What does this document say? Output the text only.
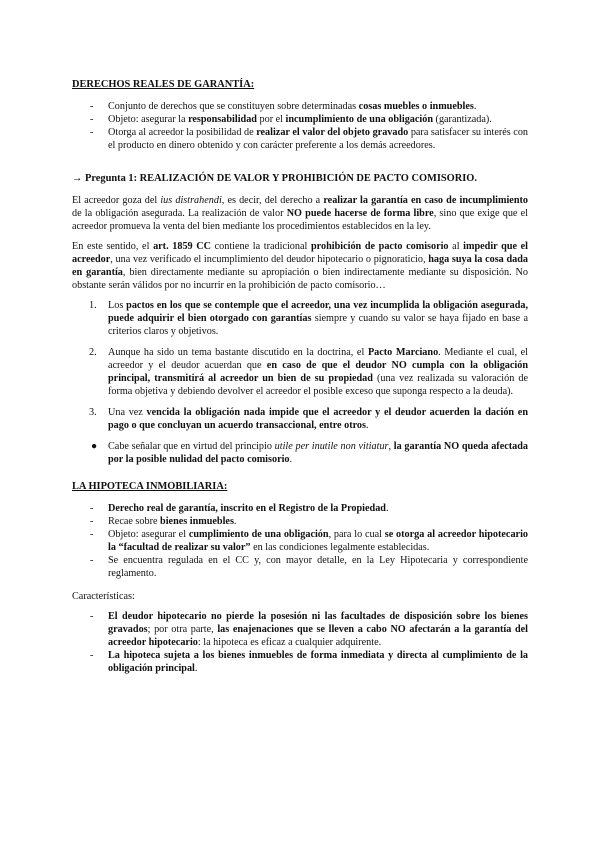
DERECHOS REALES DE GARANTÍA:
- Conjunto de derechos que se constituyen sobre determinadas cosas muebles o inmuebles.
- Objeto: asegurar la responsabilidad por el incumplimiento de una obligación (garantizada).
- Otorga al acreedor la posibilidad de realizar el valor del objeto gravado para satisfacer su interés con el producto en dinero obtenido y con carácter preferente a los demás acreedores.
→ Pregunta 1: REALIZACIÓN DE VALOR Y PROHIBICIÓN DE PACTO COMISORIO.

El acreedor goza del ius distrahendi, es decir, del derecho a realizar la garantía en caso de incumplimiento de la obligación asegurada. La realización de valor NO puede hacerse de forma libre, sino que exige que el acreedor promueva la venta del bien mediante los procedimientos establecidos en la ley.

En este sentido, el art. 1859 CC contiene la tradicional prohibición de pacto comisorio al impedir que el acreedor, una vez verificado el incumplimiento del deudor hipotecario o pignoraticio, haga suya la cosa dada en garantía, bien directamente mediante su apropiación o bien indirectamente mediante su disposición. No obstante serán válidos por no incurrir en la prohibición de pacto comisorio…

1. Los pactos en los que se contemple que el acreedor, una vez incumplida la obligación asegurada, puede adquirir el bien otorgado con garantías siempre y cuando su valor se haya fijado en base a criterios claros y objetivos.
2. Aunque ha sido un tema bastante discutido en la doctrina, el Pacto Marciano. Mediante el cual, el acreedor y el deudor acuerdan que en caso de que el deudor NO cumpla con la obligación principal, transmitirá al acreedor un bien de su propiedad (una vez realizada su valoración de forma objetiva y debiendo devolver el acreedor el posible exceso que suponga respecto a la deuda).
3. Una vez vencida la obligación nada impide que el acreedor y el deudor acuerden la dación en pago o que concluyan un acuerdo transaccional, entre otros.
● Cabe señalar que en virtud del principio utile per inutile non vitiatur, la garantía NO queda afectada por la posible nulidad del pacto comisorio.
LA HIPOTECA INMOBILIARIA:
- Derecho real de garantía, inscrito en el Registro de la Propiedad.
- Recae sobre bienes inmuebles.
- Objeto: asegurar el cumplimiento de una obligación, para lo cual se otorga al acreedor hipotecario la “facultad de realizar su valor” en las condiciones legalmente establecidas.
- Se encuentra regulada en el CC y, con mayor detalle, en la Ley Hipotecaria y correspondiente reglamento.

Características:

- El deudor hipotecario no pierde la posesión ni las facultades de disposición sobre los bienes gravados; por otra parte, las enajenaciones que se lleven a cabo NO afectarán a la garantía del acreedor hipotecario: la hipoteca es eficaz a cualquier adquirente.
- La hipoteca sujeta a los bienes inmuebles de forma inmediata y directa al cumplimiento de la obligación principal.
